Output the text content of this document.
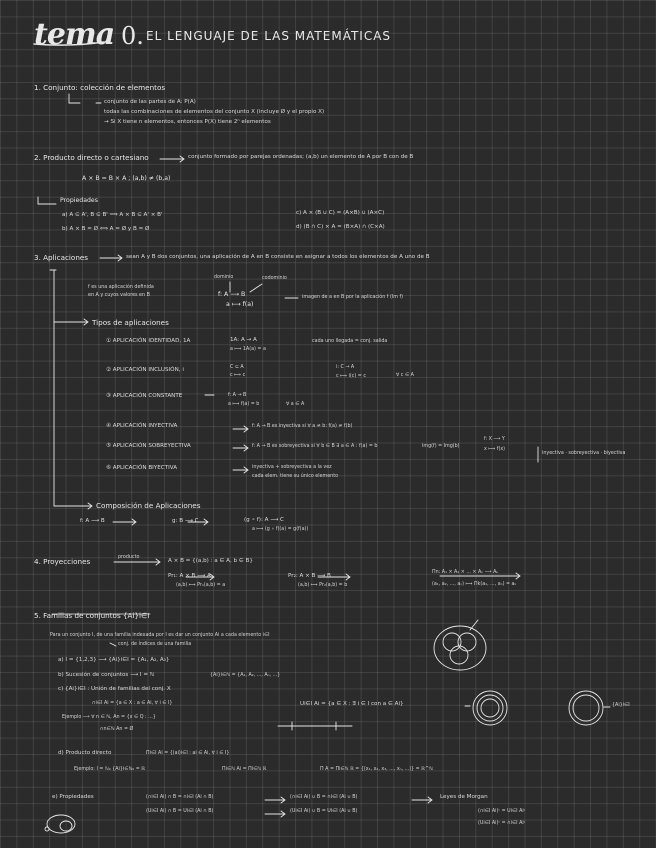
tema 0. EL LENGUAJE DE LAS MATEMÁTICAS
1. Conjunto: colección de elementos
conjunto de las partes de A: P(A)
todas las combinaciones de elementos del conjunto X (incluye Ø y el propio X)
→ Si X tiene n elementos, entonces P(X) tiene 2ⁿ elementos
2. Producto directo o cartesiano	conjunto formado por parejas ordenadas; (a,b) un elemento de A por B con de B
A × B = B × A ; (a,b) ≠ (b,a)
Propiedades
a) A ⊆ A', B ⊆ B' ⟹ A × B ⊆ A' × B'
b) A × B = Ø ⟺ A = Ø y B = Ø
c) A × (B ∪ C) = (A×B) ∪ (A×C)
d) (B ∩ C) × A = (B×A) ∩ (C×A)
3. Aplicaciones	sean A y B dos conjuntos, una aplicación de A en B consiste en asignar a todos los elementos de A uno de B
f es una aplicación definida
en A y cuyos valores en B
dominio	codominio
f: A ⟶ B
a ⟼ f(a)
imagen de a en B por la aplicación f (Im f)
Tipos de aplicaciones
① APLICACIÓN IDENTIDAD, 1A	1A: A → A
a ⟼ 1A(a) = a
cada uno llegada = conj. salida
② APLICACIÓN INCLUSIÓN, i	C ⊆ A
c ⟼ c
i: C → A
c ⟼ i(c) = c	∀ c ∈ A
③ APLICACIÓN CONSTANTE	f: A → B
a ⟼ f(a) = b	∀ a ∈ A
④ APLICACIÓN INYECTIVA	f: A → B es inyectiva si ∀ a ≠ b: f(a) ≠ f(b)
⑤ APLICACIÓN SOBREYECTIVA	f: A → B es sobreyectiva si ∀ b ∈ B ∃ a ∈ A : f(a) = b	Img(f) = Img(b)
⑥ APLICACIÓN BIYECTIVA	inyectiva + sobreyectiva a la vez
cada elem. tiene su único elemento
f: X ⟶ Y
x ⟼ f(x)
inyectiva · sobreyectiva · biyectiva
Composición de Aplicaciones
f: A ⟶ B	g: B ⟶ C	(g ∘ f): A ⟶ C
a ⟼ (g ∘ f)(a) = g(f(a))
4. Proyecciones	producto
A × B = {(a,b) : a ∈ A, b ∈ B}
Pr₁: A × B ⟶ A
(a,b) ⟼ Pr₁(a,b) = a
Pr₂: A × B ⟶ B
(a,b) ⟼ Pr₂(a,b) = b
Πn: A₁ × A₂ × ... × Aₙ ⟶ Aₖ
(a₁, a₂, ..., aₙ) ⟼ Πk(a₁, ..., aₙ) = aₖ
5. Familias de conjuntos {Ai}i∈I
Para un conjunto I, de una familia indexada por I es dar un conjunto Ai a cada elemento i∈I
conj. de índices de una familia
a) I = {1,2,3} ⟶ {Ai}i∈I = {A₁, A₂, A₃}
b) Sucesión de conjuntos ⟶ I = ℕ	{Ai}i∈ℕ = {A₁, A₂, ..., Aₙ, ...}
c) {Ai}i∈I : Unión de familias del conj. X
∩i∈I Ai = {a ∈ X : a ∈ Ai, ∀ i ∈ I}	Ui∈I Ai = {a ∈ X : ∃ i ∈ I con a ∈ Ai}
Ejemplo ⟶ ∀ n ∈ ℕ, An = {x ∈ Q : ...}
∩n∈ℕ An = Ø
d) Producto directo	Πi∈I Ai = {(ai)i∈I : ai ∈ Ai, ∀ i ∈ I}
Ejemplo: I = ℕ₀ {Ai}i∈ℕ₀ = ℝ	Πi∈ℕ Ai = Πi∈ℕ ℝ	Π A = Πi∈ℕ ℝ = {(x₁, x₂, x₃, ..., xₙ, ...)} = ℝ^ℕ
e) Propiedades	(∩i∈I Ai) ∩ B = ∩i∈I (Ai ∩ B)
(Ui∈I Ai) ∩ B = Ui∈I (Ai ∩ B)
(∩i∈I Ai) ∪ B = ∩i∈I (Ai ∪ B)
(Ui∈I Ai) ∪ B = Ui∈I (Ai ∪ B)
Leyes de Morgan
(∩i∈I Ai)ᶜ = Ui∈I Aiᶜ
(Ui∈I Ai)ᶜ = ∩i∈I Aiᶜ
{Ai}i∈I
